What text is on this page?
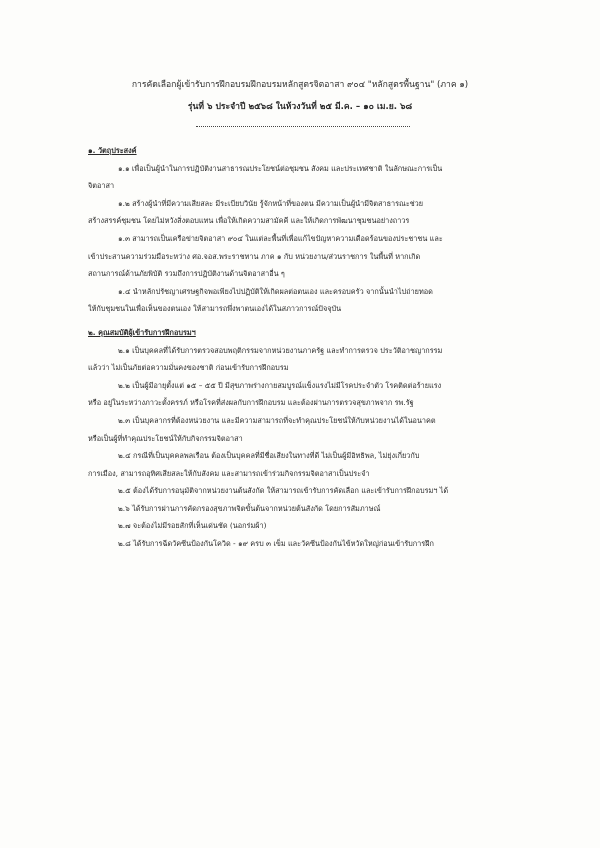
การคัดเลือกผู้เข้ารับการฝึกอบรมฝึกอบรมหลักสูตรจิตอาสา ๙๐๔ "หลักสูตรพื้นฐาน" (ภาค ๑)
รุ่นที่ ๖ ประจำปี ๒๕๖๘ ในห้วงวันที่ ๒๕ มี.ค. – ๑๐ เม.ย. ๖๘
๑. วัตถุประสงค์
๑.๑ เพื่อเป็นผู้นำในการปฏิบัติงานสาธารณประโยชน์ต่อชุมชน สังคม และประเทศชาติ ในลักษณะการเป็น
จิตอาสา
๑.๒ สร้างผู้นำที่มีความเสียสละ มีระเบียบวินัย รู้จักหน้าที่ของตน มีความเป็นผู้นำมีจิตสาธารณะช่วย
สร้างสรรค์ชุมชน โดยไม่หวังสิ่งตอบแทน เพื่อให้เกิดความสามัคคี และให้เกิดการพัฒนาชุมชนอย่างถาวร
๑.๓ สามารถเป็นเครือข่ายจิตอาสา ๙๐๔ ในแต่ละพื้นที่เพื่อแก้ไขปัญหาความเดือดร้อนของประชาชน และ
เข้าประสานความร่วมมือระหว่าง ศอ.จอส.พระราชทาน ภาค ๑ กับ หน่วยงาน/ส่วนราชการ ในพื้นที่ หากเกิด
สถานการณ์ด้านภัยพิบัติ รวมถึงการปฏิบัติงานด้านจิตอาสาอื่น ๆ
๑.๔ นำหลักปรัชญาเศรษฐกิจพอเพียงไปปฏิบัติให้เกิดผลต่อตนเอง และครอบครัว จากนั้นนำไปถ่ายทอด
ให้กับชุมชนในเพื่อเห็นของตนเอง ให้สามารถพึ่งพาตนเองได้ในสภาวการณ์ปัจจุบัน
๒. คุณสมบัติผู้เข้ารับการฝึกอบรมฯ
๒.๑ เป็นบุคคลที่ได้รับการตรวจสอบพฤติกรรมจากหน่วยงานภาครัฐ และทำการตรวจ ประวัติอาชญากรรม
แล้วว่า ไม่เป็นภัยต่อความมั่นคงของชาติ ก่อนเข้ารับการฝึกอบรม
๒.๒ เป็นผู้มีอายุตั้งแต่ ๑๕ – ๕๕ ปี มีสุขภาพร่างกายสมบูรณ์แข็งแรงไม่มีโรคประจำตัว โรคติดต่อร้ายแรง
หรือ อยู่ในระหว่างภาวะตั้งครรภ์ หรือโรคที่ส่งผลกับการฝึกอบรม และต้องผ่านการตรวจสุขภาพจาก รพ.รัฐ
๒.๓ เป็นบุคลากรที่ต้องหน่วยงาน และมีความสามารถที่จะทำคุณประโยชน์ให้กับหน่วยงานได้ในอนาคต
หรือเป็นผู้ที่ทำคุณประโยชน์ให้กับกิจกรรมจิตอาสา
๒.๔ กรณีที่เป็นบุคคลพลเรือน ต้องเป็นบุคคลที่มีชื่อเสียงในทางที่ดี ไม่เป็นผู้มีอิทธิพล, ไม่ยุ่งเกี่ยวกับ
การเมือง, สามารถอุทิศเสียสละให้กับสังคม และสามารถเข้าร่วมกิจกรรมจิตอาสาเป็นประจำ
๒.๕ ต้องได้รับการอนุมัติจากหน่วยงานต้นสังกัด ให้สามารถเข้ารับการคัดเลือก และเข้ารับการฝึกอบรมฯ ได้
๒.๖ ได้รับการผ่านการคัดกรองสุขภาพจิตขั้นต้นจากหน่วยต้นสังกัด โดยการสัมภาษณ์
๒.๗ จะต้องไม่มีรอยสักที่เห็นเด่นชัด (นอกร่มผ้า)
๒.๘ ได้รับการฉีดวัคซีนป้องกันโควิด - ๑๙ ครบ ๓ เข็ม และวัคซีนป้องกันไข้หวัดใหญ่ก่อนเข้ารับการฝึก
